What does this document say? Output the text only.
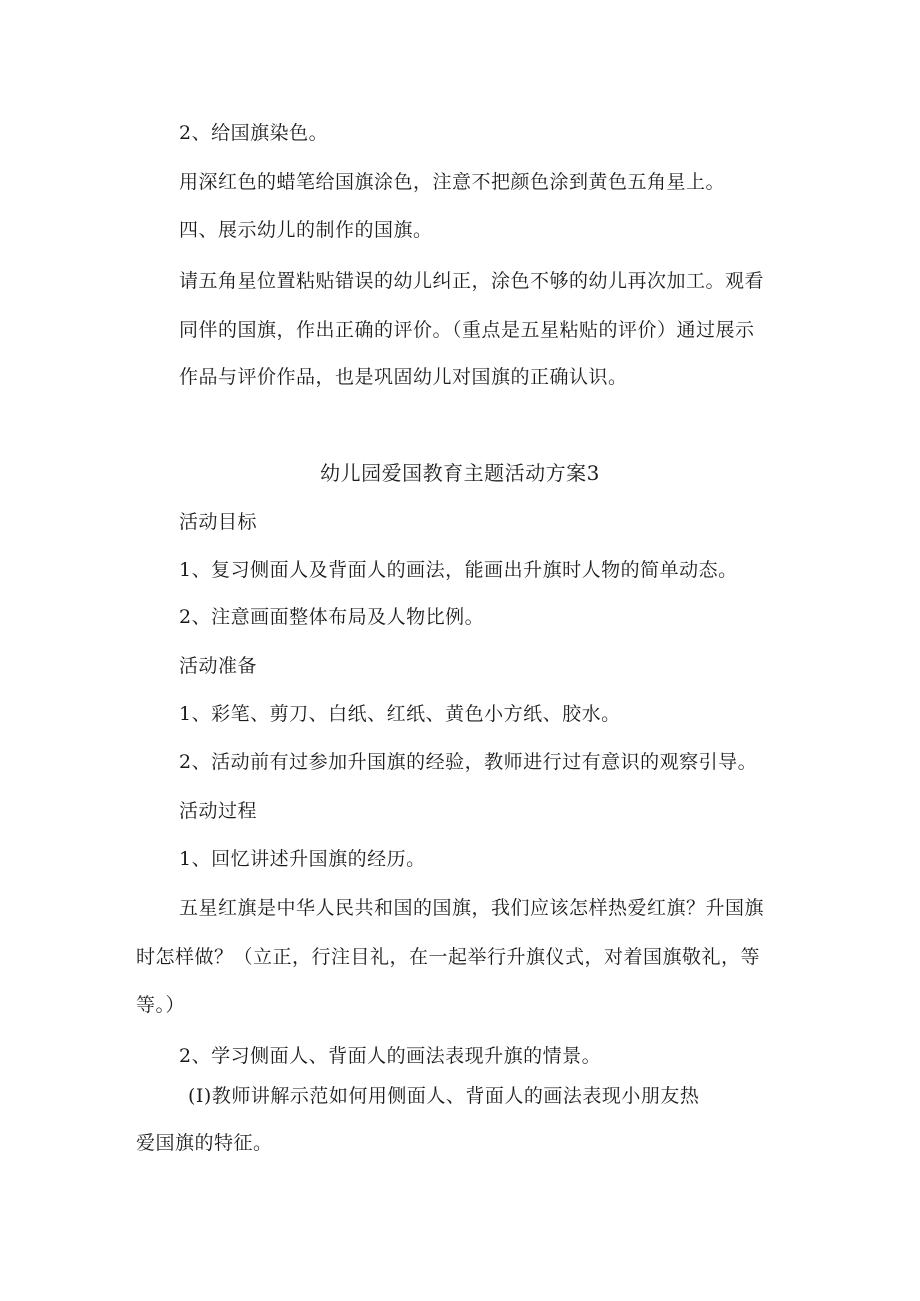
2、给国旗染色。
用深红色的蜡笔给国旗涂色，注意不把颜色涂到黄色五角星上。
四、展示幼儿的制作的国旗。
请五角星位置粘贴错误的幼儿纠正，涂色不够的幼儿再次加工。观看
同伴的国旗，作出正确的评价。（重点是五星粘贴的评价）通过展示
作品与评价作品，也是巩固幼儿对国旗的正确认识。
幼儿园爱国教育主题活动方案3
活动目标
1、复习侧面人及背面人的画法，能画出升旗时人物的简单动态。
2、注意画面整体布局及人物比例。
活动准备
1、彩笔、剪刀、白纸、红纸、黄色小方纸、胶水。
2、活动前有过参加升国旗的经验，教师进行过有意识的观察引导。
活动过程
1、回忆讲述升国旗的经历。
五星红旗是中华人民共和国的国旗，我们应该怎样热爱红旗？升国旗
时怎样做？（立正，行注目礼，在一起举行升旗仪式，对着国旗敬礼，等
等。）
2、学习侧面人、背面人的画法表现升旗的情景。
(I)教师讲解示范如何用侧面人、背面人的画法表现小朋友热
爱国旗的特征。
